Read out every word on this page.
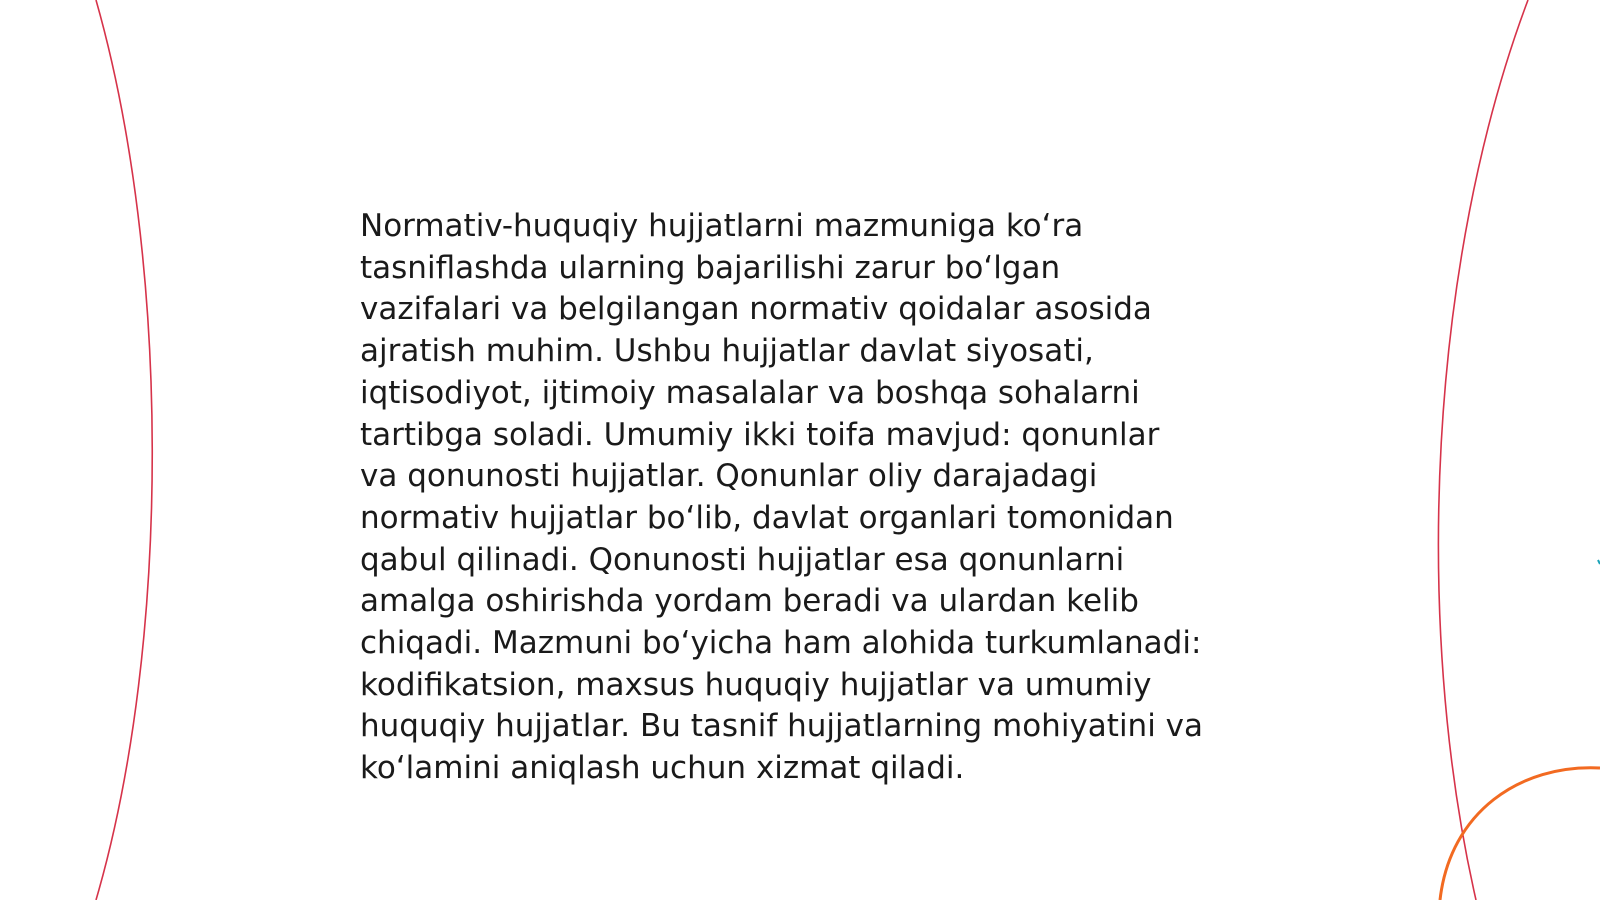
Normativ-huquqiy hujjatlarni mazmuniga ko‘ra
tasniflashda ularning bajarilishi zarur bo‘lgan
vazifalari va belgilangan normativ qoidalar asosida
ajratish muhim. Ushbu hujjatlar davlat siyosati,
iqtisodiyot, ijtimoiy masalalar va boshqa sohalarni
tartibga soladi. Umumiy ikki toifa mavjud: qonunlar
va qonunosti hujjatlar. Qonunlar oliy darajadagi
normativ hujjatlar bo‘lib, davlat organlari tomonidan
qabul qilinadi. Qonunosti hujjatlar esa qonunlarni
amalga oshirishda yordam beradi va ulardan kelib
chiqadi. Mazmuni bo‘yicha ham alohida turkumlanadi:
kodifikatsion, maxsus huquqiy hujjatlar va umumiy
huquqiy hujjatlar. Bu tasnif hujjatlarning mohiyatini va
ko‘lamini aniqlash uchun xizmat qiladi.
